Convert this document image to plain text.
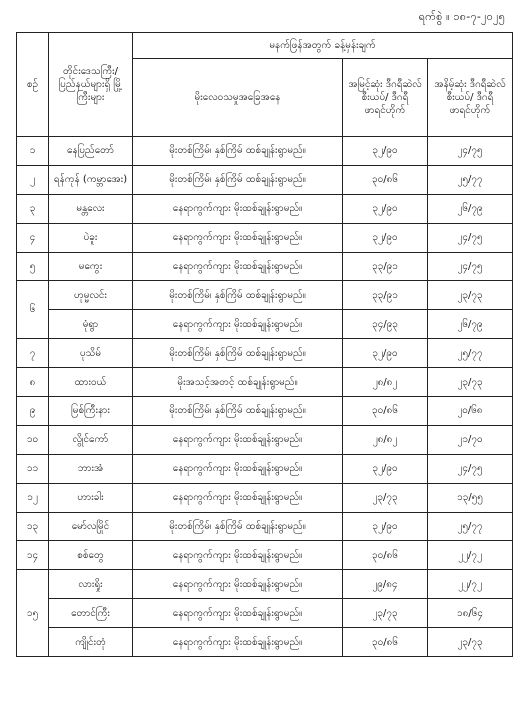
ရက်စွဲ ။ ၁၈-၇-၂၀၂၅
စဉ်	တိုင်းဒေသကြီး/ ပြည်နယ်များရှိ မြို့ကြီးများ	မနက်ဖြန်အတွက် ခန့်မှန်းချက်		
		မိုးလေဝသမှုအခြေအနေ	အမြင့်ဆုံး ဒီဂရီဆဲလ်စီးယပ်/ ဒီဂရီဖာရင်ဟိုက်	အနိမ့်ဆုံး ဒီဂရီဆဲလ်စီးယပ်/ ဒီဂရီဖာရင်ဟိုက်
၁	နေပြည်တော်	မိုးတစ်ကြိမ်၊ နှစ်ကြိမ် ထစ်ချုန်းရွာမည်။	၃၂/၉၀	၂၄/၇၅
၂	ရန်ကုန် (ကမ္ဘာအေး)	မိုးတစ်ကြိမ်၊ နှစ်ကြိမ် ထစ်ချုန်းရွာမည်။	၃၀/၈၆	၂၅/၇၇
၃	မန္တလေး	နေရာကွက်ကျား မိုးထစ်ချုန်းရွာမည်။	၃၂/၉၀	၂၆/၇၉
၄	ပဲခူး	နေရာကွက်ကျား မိုးထစ်ချုန်းရွာမည်။	၃၂/၉၀	၂၄/၇၅
၅	မကွေး	နေရာကွက်ကျား မိုးထစ်ချုန်းရွာမည်။	၃၃/၉၁	၂၄/၇၅
၆	ဟုမ္မလင်း	မိုးတစ်ကြိမ်၊ နှစ်ကြိမ် ထစ်ချုန်းရွာမည်။	၃၃/၉၁	၂၃/၇၃
	မုံရွာ	နေရာကွက်ကျား မိုးထစ်ချုန်းရွာမည်။	၃၄/၉၃	၂၆/၇၉
၇	ပုသိမ်	မိုးတစ်ကြိမ်၊ နှစ်ကြိမ် ထစ်ချုန်းရွာမည်။	၃၂/၉၀	၂၅/၇၇
၈	ထားဝယ်	မိုးအသင့်အတင့် ထစ်ချုန်းရွာမည်။	၂၈/၈၂	၂၃/၇၃
၉	မြစ်ကြီးနား	မိုးတစ်ကြိမ်၊ နှစ်ကြိမ် ထစ်ချုန်းရွာမည်။	၃၀/၈၆	၂၀/၆၈
၁၀	လွိုင်ကော်	နေရာကွက်ကျား မိုးထစ်ချုန်းရွာမည်။	၂၈/၈၂	၂၁/၇၀
၁၁	ဘားအံ	နေရာကွက်ကျား မိုးထစ်ချုန်းရွာမည်။	၃၂/၉၀	၂၄/၇၅
၁၂	ဟားခါး	နေရာကွက်ကျား မိုးထစ်ချုန်းရွာမည်။	၂၃/၇၃	၁၃/၅၅
၁၃	မော်လမြိုင်	မိုးတစ်ကြိမ်၊ နှစ်ကြိမ် ထစ်ချုန်းရွာမည်။	၃၂/၉၀	၂၅/၇၇
၁၄	စစ်တွေ	နေရာကွက်ကျား မိုးထစ်ချုန်းရွာမည်။	၃၀/၈၆	၂၂/၇၂
၁၅	လားရှိုး	နေရာကွက်ကျား မိုးထစ်ချုန်းရွာမည်။	၂၉/၈၄	၂၂/၇၂
	တောင်ကြီး	နေရာကွက်ကျား မိုးထစ်ချုန်းရွာမည်။	၂၃/၇၃	၁၈/၆၄
	ကျိုင်းတုံ	နေရာကွက်ကျား မိုးထစ်ချုန်းရွာမည်။	၃၀/၈၆	၂၃/၇၃
